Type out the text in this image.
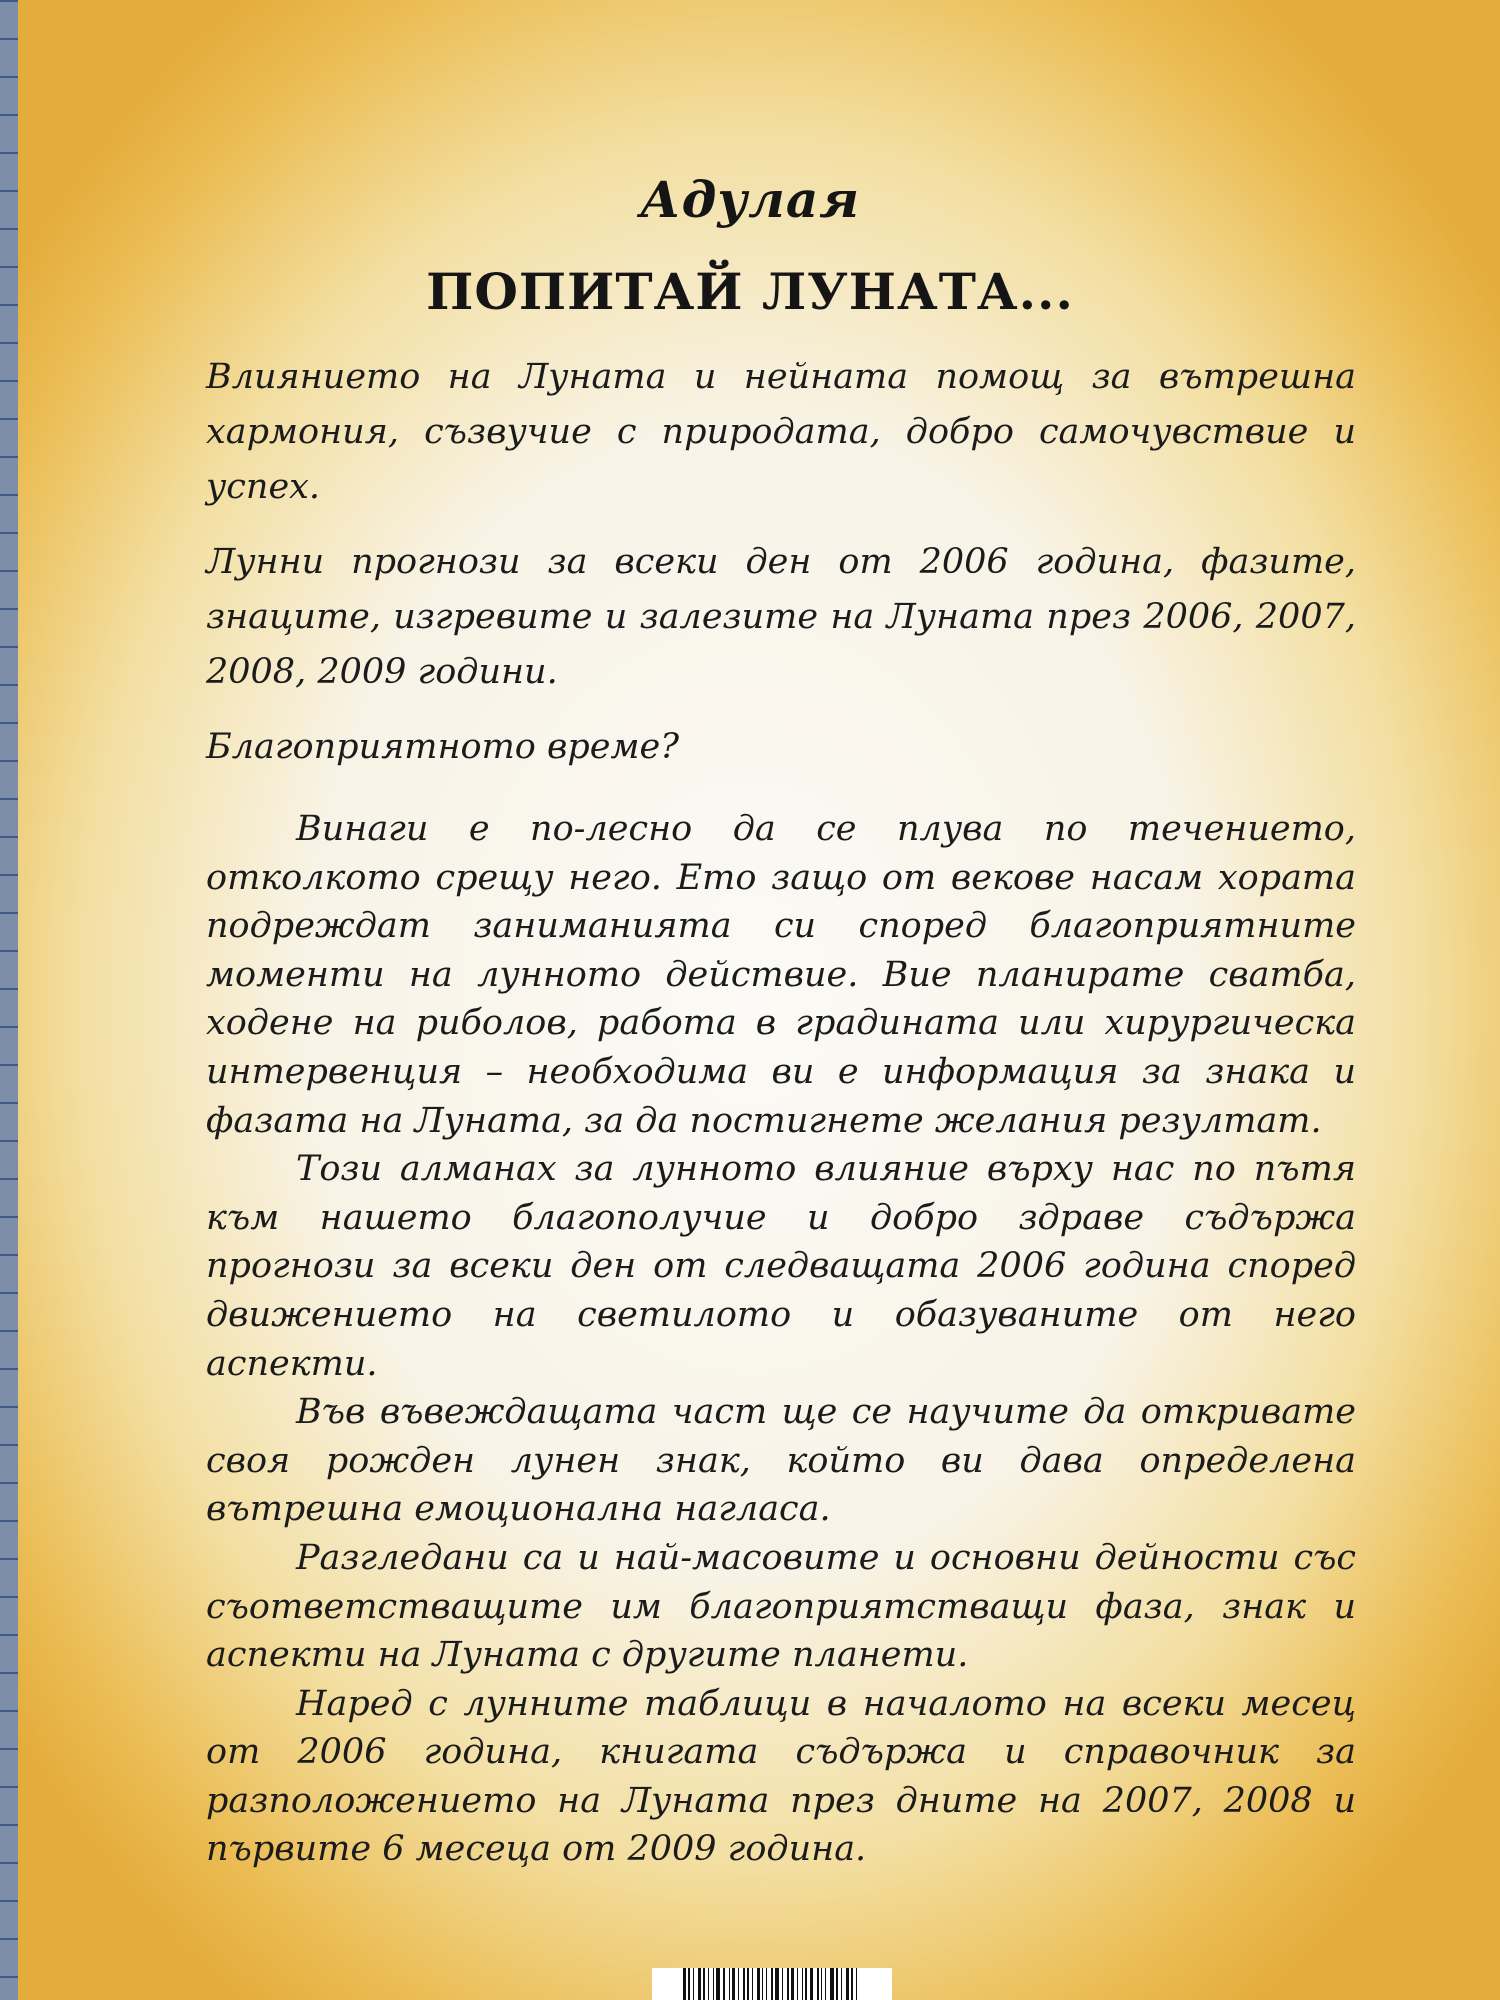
Адулая
ПОПИТАЙ ЛУНАТА...

Влиянието на Луната и нейната помощ за вътрешна хармония, съзвучие с природата, добро самочувствие и успех.

Лунни прогнози за всеки ден от 2006 година, фазите, знаците, изгревите и залезите на Луната през 2006, 2007, 2008, 2009 години.

Благоприятното време?

Винаги е по-лесно да се плува по течението, отколкото срещу него. Ето защо от векове насам хората подреждат заниманията си според благоприятните моменти на лунното действие. Вие планирате сватба, ходене на риболов, работа в градината или хирургическа интервенция – необходима ви е информация за знака и фазата на Луната, за да постигнете желания резултат.

Този алманах за лунното влияние върху нас по пътя към нашето благополучие и добро здраве съдържа прогнози за всеки ден от следващата 2006 година според движението на светилото и обазуваните от него аспекти.

Във въвеждащата част ще се научите да откривате своя рожден лунен знак, който ви дава определена вътрешна емоционална нагласа.

Разгледани са и най-масовите и основни дейности със съответстващите им благоприятстващи фаза, знак и аспекти на Луната с другите планети.

Наред с лунните таблици в началото на всеки месец от 2006 година, книгата съдържа и справочник за разположението на Луната през дните на 2007, 2008 и първите 6 месеца от 2009 година.
